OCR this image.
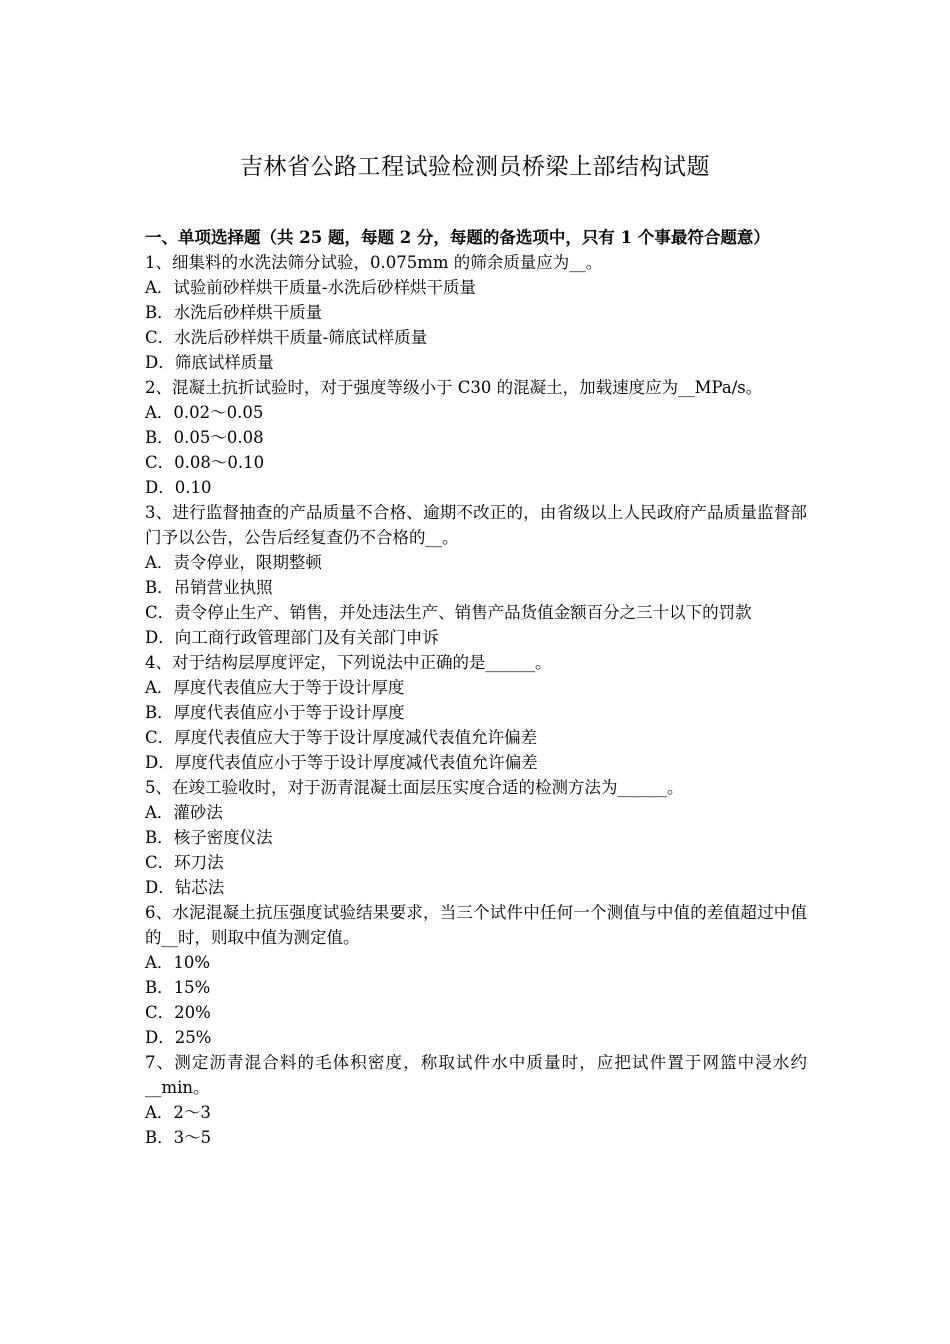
吉林省公路工程试验检测员桥梁上部结构试题
一、单项选择题（共 25 题，每题 2 分，每题的备选项中，只有 1 个事最符合题意）

1、细集料的水洗法筛分试验，0.075mm 的筛余质量应为__。

A．试验前砂样烘干质量-水洗后砂样烘干质量

B．水洗后砂样烘干质量

C．水洗后砂样烘干质量-筛底试样质量

D．筛底试样质量

2、混凝土抗折试验时，对于强度等级小于 C30 的混凝土，加载速度应为__MPa/s。

A．0.02～0.05

B．0.05～0.08

C．0.08～0.10

D．0.10

3、进行监督抽查的产品质量不合格、逾期不改正的，由省级以上人民政府产品质量监督部门予以公告，公告后经复查仍不合格的__。

A．责令停业，限期整顿

B．吊销营业执照

C．责令停止生产、销售，并处违法生产、销售产品货值金额百分之三十以下的罚款

D．向工商行政管理部门及有关部门申诉

4、对于结构层厚度评定，下列说法中正确的是______。

A．厚度代表值应大于等于设计厚度

B．厚度代表值应小于等于设计厚度

C．厚度代表值应大于等于设计厚度减代表值允许偏差

D．厚度代表值应小于等于设计厚度减代表值允许偏差

5、在竣工验收时，对于沥青混凝土面层压实度合适的检测方法为______。

A．灌砂法

B．核子密度仪法

C．环刀法

D．钻芯法

6、水泥混凝土抗压强度试验结果要求，当三个试件中任何一个测值与中值的差值超过中值的__时，则取中值为测定值。

A．10%

B．15%

C．20%

D．25%

7、测定沥青混合料的毛体积密度，称取试件水中质量时，应把试件置于网篮中浸水约__min。

A．2～3

B．3～5
